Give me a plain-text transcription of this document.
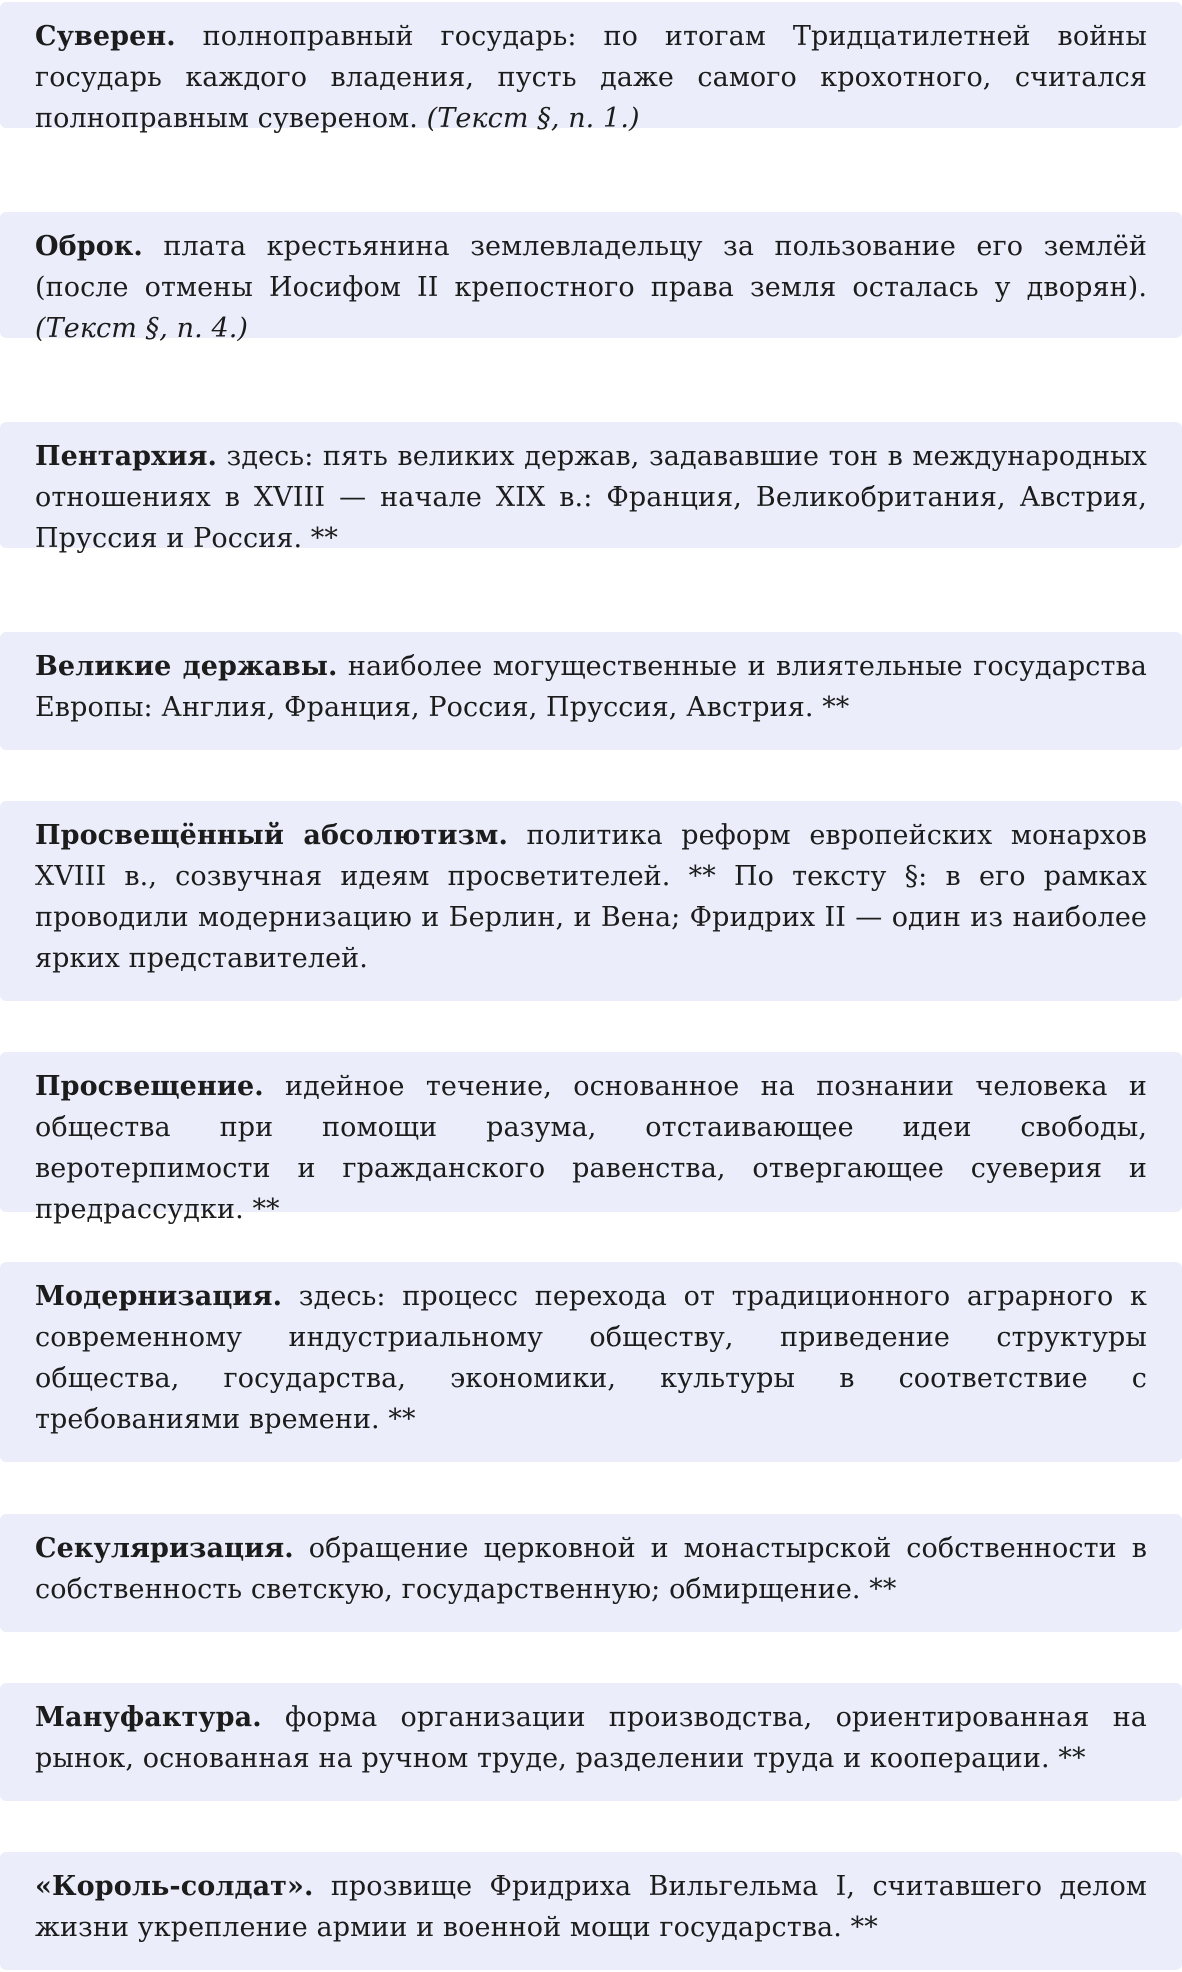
Суверен. полноправный государь: по итогам Тридцатилетней войны государь каждого владения, пусть даже самого крохотного, считался полноправным сувереном. (Текст §, п. 1.)

Оброк. плата крестьянина землевладельцу за пользование его землёй (после отмены Иосифом II крепостного права земля осталась у дворян). (Текст §, п. 4.)

Пентархия. здесь: пять великих держав, задававшие тон в международных отношениях в XVIII — начале XIX в.: Франция, Великобритания, Австрия, Пруссия и Россия. **

Великие державы. наиболее могущественные и влиятельные государства Европы: Англия, Франция, Россия, Пруссия, Австрия. **

Просвещённый абсолютизм. политика реформ европейских монархов XVIII в., созвучная идеям просветителей. ** По тексту §: в его рамках проводили модернизацию и Берлин, и Вена; Фридрих II — один из наиболее ярких представителей.

Просвещение. идейное течение, основанное на познании человека и общества при помощи разума, отстаивающее идеи свободы, веротерпимости и гражданского равенства, отвергающее суеверия и предрассудки. **

Модернизация. здесь: процесс перехода от традиционного аграрного к современному индустриальному обществу, приведение структуры общества, государства, экономики, культуры в соответствие с требованиями времени. **

Секуляризация. обращение церковной и монастырской собственности в собственность светскую, государственную; обмирщение. **

Мануфактура. форма организации производства, ориентированная на рынок, основанная на ручном труде, разделении труда и кооперации. **

«Король-солдат». прозвище Фридриха Вильгельма I, считавшего делом жизни укрепление армии и военной мощи государства. **
